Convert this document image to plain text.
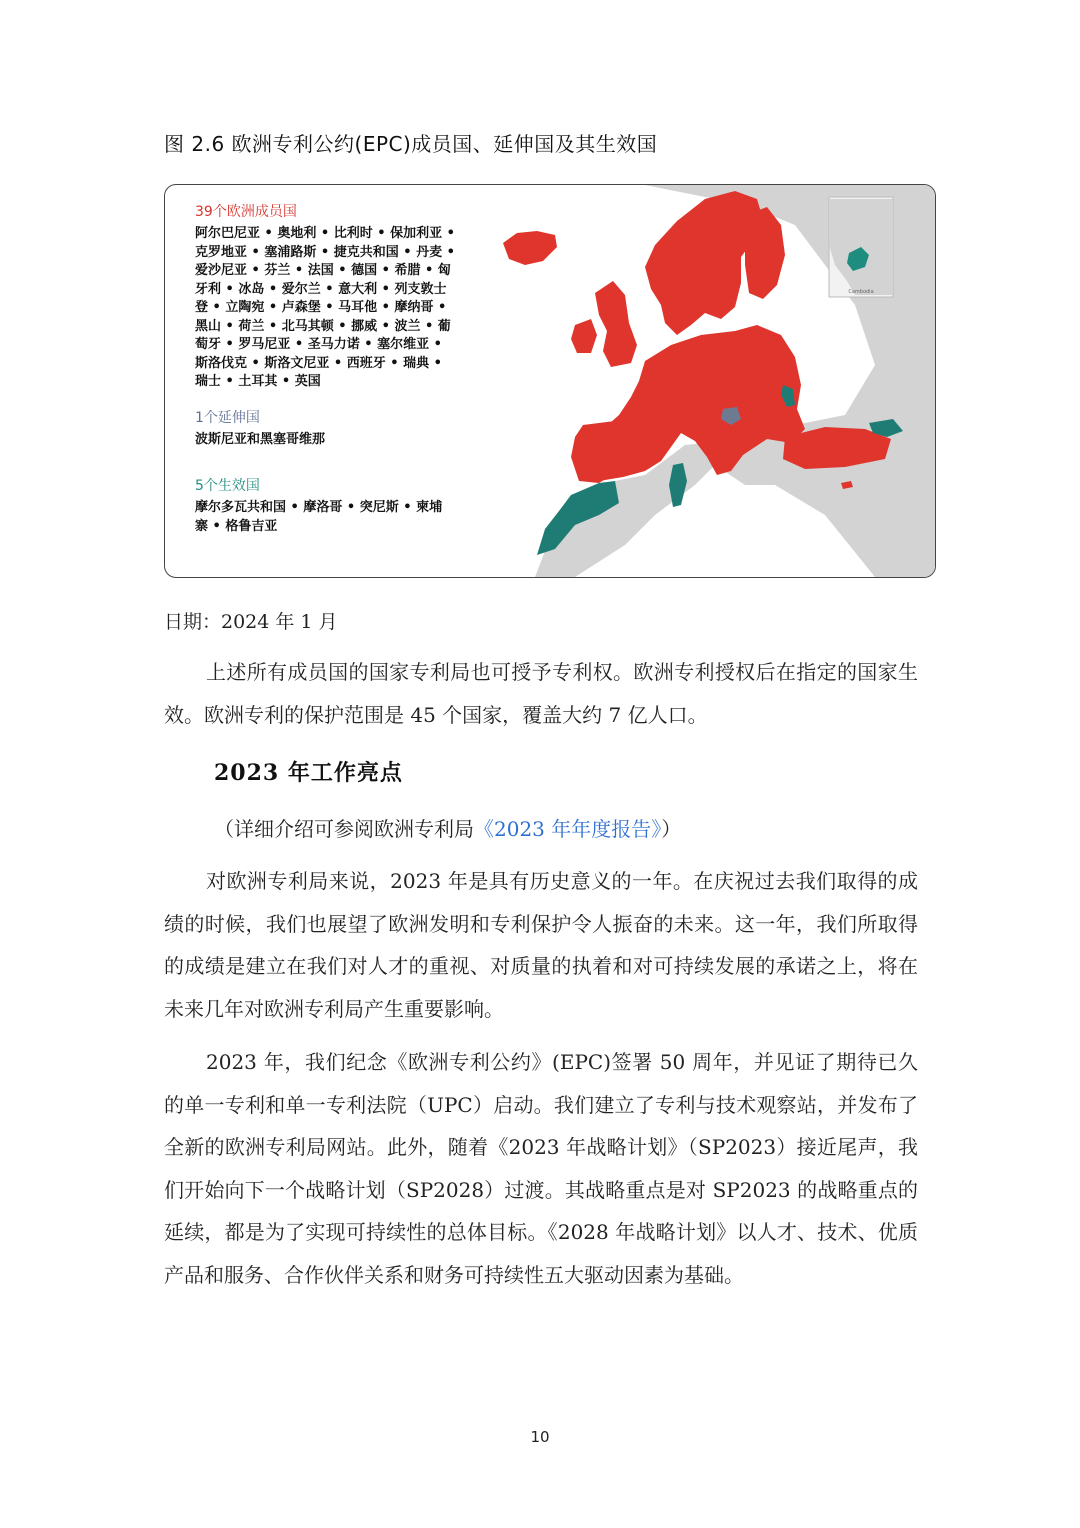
图 2.6 欧洲专利公约(EPC)成员国、延伸国及其生效国
39个欧洲成员国
阿尔巴尼亚 • 奥地利 • 比利时 • 保加利亚 •
克罗地亚 • 塞浦路斯 • 捷克共和国 • 丹麦 •
爱沙尼亚 • 芬兰 • 法国 • 德国 • 希腊 • 匈
牙利 • 冰岛 • 爱尔兰 • 意大利 • 列支敦士
登 • 立陶宛 • 卢森堡 • 马耳他 • 摩纳哥 •
黑山 • 荷兰 • 北马其顿 • 挪威 • 波兰 • 葡
萄牙 • 罗马尼亚 • 圣马力诺 • 塞尔维亚 •
斯洛伐克 • 斯洛文尼亚 • 西班牙 • 瑞典 •
瑞士 • 土耳其 • 英国
1个延伸国
波斯尼亚和黑塞哥维那
5个生效国
摩尔多瓦共和国 • 摩洛哥 • 突尼斯 • 柬埔
寨 • 格鲁吉亚
Cambodia
日期：2024 年 1 月

上述所有成员国的国家专利局也可授予专利权。欧洲专利授权后在指定的国家生效。欧洲专利的保护范围是 45 个国家，覆盖大约 7 亿人口。

2023 年工作亮点
（详细介绍可参阅欧洲专利局《2023 年年度报告》）

对欧洲专利局来说，2023 年是具有历史意义的一年。在庆祝过去我们取得的成绩的时候，我们也展望了欧洲发明和专利保护令人振奋的未来。这一年，我们所取得的成绩是建立在我们对人才的重视、对质量的执着和对可持续发展的承诺之上，将在未来几年对欧洲专利局产生重要影响。

2023 年，我们纪念《欧洲专利公约》(EPC)签署 50 周年，并见证了期待已久的单一专利和单一专利法院（UPC）启动。我们建立了专利与技术观察站，并发布了全新的欧洲专利局网站。此外，随着《2023 年战略计划》（SP2023）接近尾声，我们开始向下一个战略计划（SP2028）过渡。其战略重点是对 SP2023 的战略重点的延续，都是为了实现可持续性的总体目标。《2028 年战略计划》以人才、技术、优质产品和服务、合作伙伴关系和财务可持续性五大驱动因素为基础。

10
